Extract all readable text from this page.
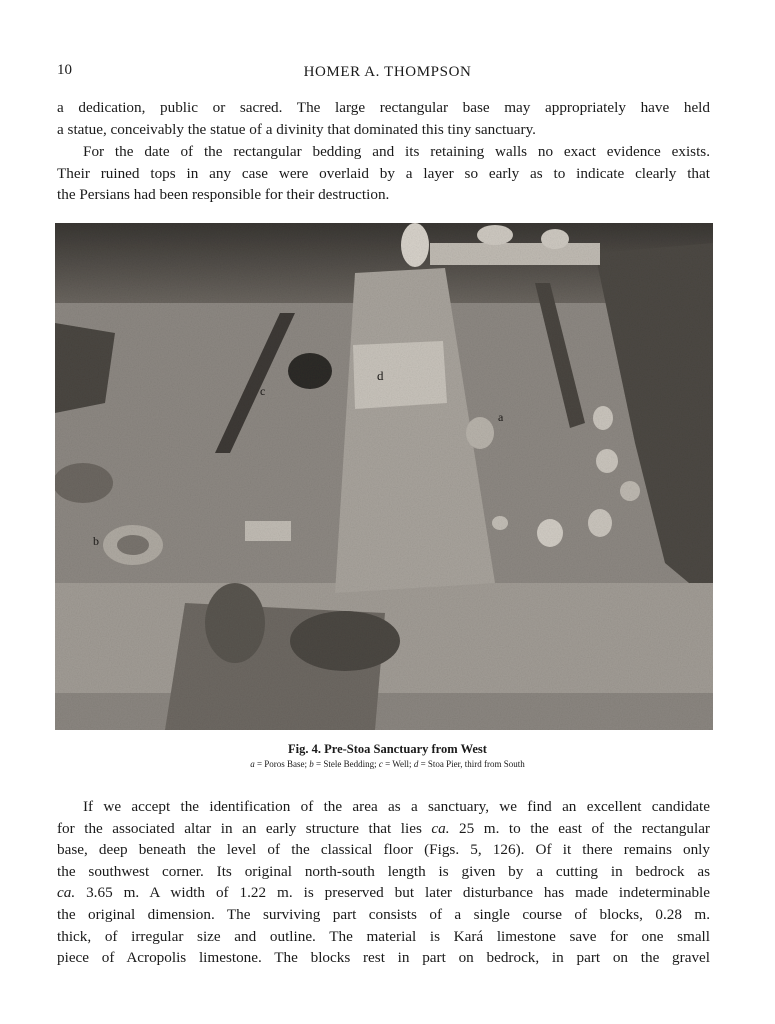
10	HOMER A. THOMPSON
a dedication, public or sacred. The large rectangular base may appropriately have held
a statue, conceivably the statue of a divinity that dominated this tiny sanctuary.
For the date of the rectangular bedding and its retaining walls no exact evidence exists.
Their ruined tops in any case were overlaid by a layer so early as to indicate clearly that
the Persians had been responsible for their destruction.
d
c
a
b
Fig. 4. Pre-Stoa Sanctuary from West
a = Poros Base; b = Stele Bedding; c = Well; d = Stoa Pier, third from South
If we accept the identification of the area as a sanctuary, we find an excellent candidate
for the associated altar in an early structure that lies ca. 25 m. to the east of the rectangular
base, deep beneath the level of the classical floor (Figs. 5, 126). Of it there remains only
the southwest corner. Its original north-south length is given by a cutting in bedrock as
ca. 3.65 m. A width of 1.22 m. is preserved but later disturbance has made indeterminable
the original dimension. The surviving part consists of a single course of blocks, 0.28 m.
thick, of irregular size and outline. The material is Kará limestone save for one small
piece of Acropolis limestone. The blocks rest in part on bedrock, in part on the gravel
